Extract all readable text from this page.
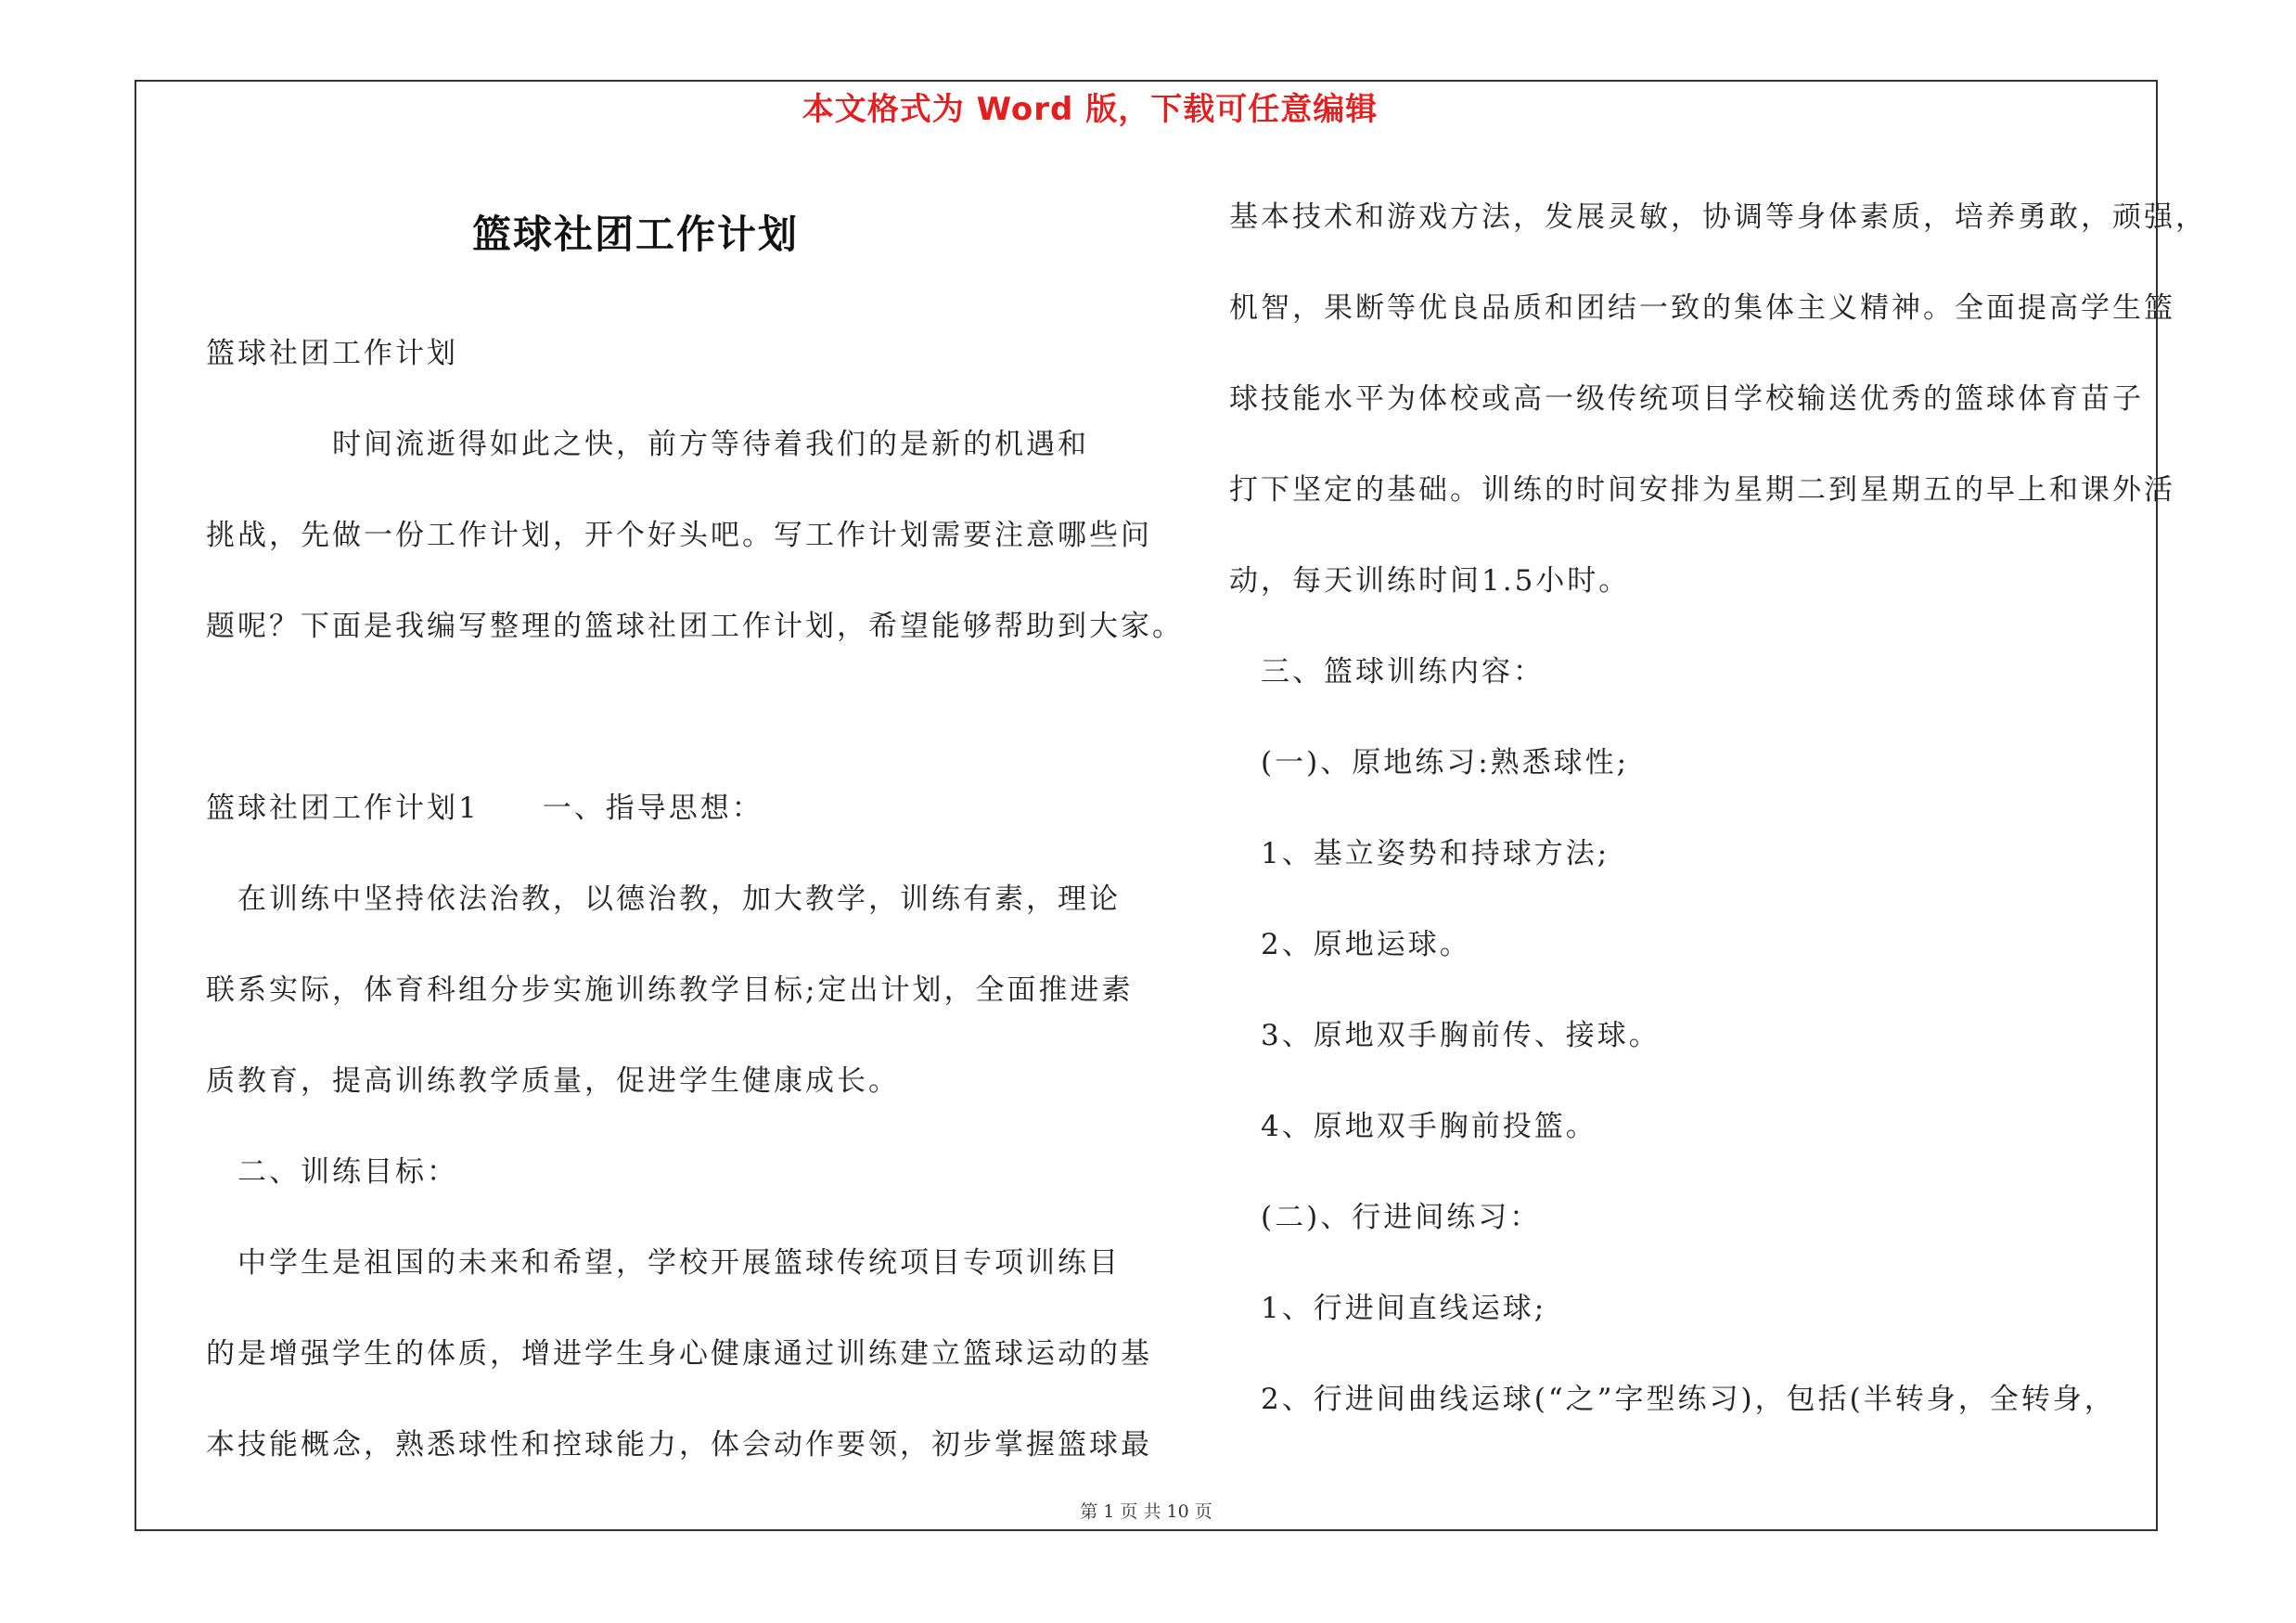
本文格式为 Word 版，下载可任意编辑
篮球社团工作计划
篮球社团工作计划
　　　　时间流逝得如此之快，前方等待着我们的是新的机遇和
挑战，先做一份工作计划，开个好头吧。写工作计划需要注意哪些问
题呢？下面是我编写整理的篮球社团工作计划，希望能够帮助到大家。
篮球社团工作计划1　　一、指导思想：
　在训练中坚持依法治教，以德治教，加大教学，训练有素，理论
联系实际，体育科组分步实施训练教学目标;定出计划，全面推进素
质教育，提高训练教学质量，促进学生健康成长。
　二、训练目标：
　中学生是祖国的未来和希望，学校开展篮球传统项目专项训练目
的是增强学生的体质，增进学生身心健康通过训练建立篮球运动的基
本技能概念，熟悉球性和控球能力，体会动作要领，初步掌握篮球最
基本技术和游戏方法，发展灵敏，协调等身体素质，培养勇敢，顽强，
机智，果断等优良品质和团结一致的集体主义精神。全面提高学生篮
球技能水平为体校或高一级传统项目学校输送优秀的篮球体育苗子
打下坚定的基础。训练的时间安排为星期二到星期五的早上和课外活
动，每天训练时间1.5小时。
　三、篮球训练内容：
　(一)、原地练习:熟悉球性;
　1、基立姿势和持球方法;
　2、原地运球。
　3、原地双手胸前传、接球。
　4、原地双手胸前投篮。
　(二)、行进间练习：
　1、行进间直线运球;
　2、行进间曲线运球(“之”字型练习)，包括(半转身，全转身，
第 1 页 共 10 页
